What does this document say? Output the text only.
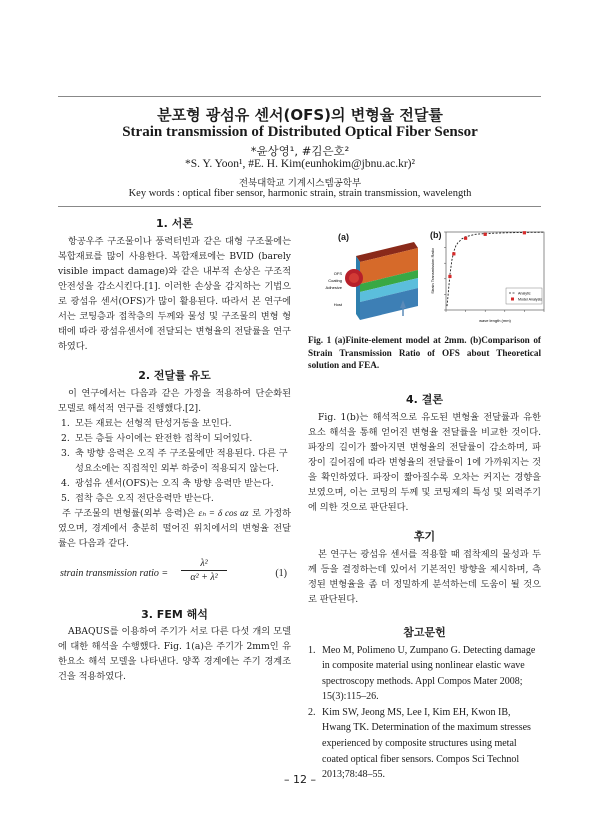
분포형 광섬유 센서(OFS)의 변형율 전달률
Strain transmission of Distributed Optical Fiber Sensor
*윤상영¹, #김은호²
*S. Y. Yoon¹, #E. H. Kim(eunhokim@jbnu.ac.kr)²
전북대학교 기계시스템공학부
Key words : optical fiber sensor, harmonic strain, strain transmission, wavelength
1. 서론

항공우주 구조물이나 풍력터빈과 같은 대형 구조물에는 복합재료를 많이 사용한다. 복합재료에는 BVID (barely visible impact damage)와 같은 내부적 손상은 구조적 안전성을 감소시킨다.[1]. 이러한 손상을 감지하는 기법으로 광섬유 센서(OFS)가 많이 활용된다. 따라서 본 연구에서는 코팅층과 접착층의 두께와 물성 및 구조물의 변형 형태에 따라 광섬유센서에 전달되는 변형율의 전달률을 연구하였다.

2. 전달률 유도

이 연구에서는 다음과 같은 가정을 적용하여 단순화된 모델로 해석적 연구를 진행했다.[2].

1. 모든 재료는 선형적 탄성거동을 보인다.
2. 모든 층들 사이에는 완전한 접착이 되어있다.
3. 축 방향 응력은 오직 주 구조물에만 적용된다. 다른 구성요소에는 직접적인 외부 하중이 적용되지 않는다.
4. 광섬유 센서(OFS)는 오직 축 방향 응력만 받는다.
5. 접착 층은 오직 전단응력만 받는다.

주 구조물의 변형률(외부 응력)은 εₕ = δ cos αz 로 가정하였으며, 경계에서 충분히 떨어진 위치에서의 변형율 전달률은 다음과 같다.

strain transmission ratio =
λ²
α² + λ²	(1)
3. FEM 해석

ABAQUS를 이용하여 주기가 서로 다른 다섯 개의 모델에 대한 해석을 수행했다. Fig. 1(a)은 주기가 2mm인 유한요소 해석 모델을 나타낸다. 양쪽 경계에는 주기 경계조건을 적용하였다.

(a)
OFS
Coating
Adhesive
Host
(b)
Strain Transmission Ratio
wave length (mm)
Analytic
Model Analysis
Fig. 1 (a)Finite-element model at 2mm. (b)Comparison of Strain Transmission Ratio of OFS about Theoretical solution and FEA.
4. 결론

Fig. 1(b)는 해석적으로 유도된 변형율 전달률과 유한요소 해석을 통해 얻어진 변형율 전달률을 비교한 것이다. 파장의 길이가 짧아지면 변형율의 전달률이 감소하며, 파장이 길어짐에 따라 변형율의 전달률이 1에 가까워지는 것을 확인하였다. 파장이 짧아질수록 오차는 커지는 경향을 보였으며, 이는 코팅의 두께 및 코팅제의 특성 및 외력주기에 의한 것으로 판단된다.

후기

본 연구는 광섬유 센서를 적용할 때 접착제의 물성과 두께 등을 결정하는데 있어서 기본적인 방향을 제시하며, 측정된 변형율을 좀 더 정밀하게 분석하는데 도움이 될 것으로 판단된다.

참고문헌
1. Meo M, Polimeno U, Zumpano G. Detecting damage in composite material using nonlinear elastic wave spectroscopy methods. Appl Compos Mater 2008; 15(3):115–26.
2. Kim SW, Jeong MS, Lee I, Kim EH, Kwon IB, Hwang TK. Determination of the maximum stresses experienced by composite structures using metal coated optical fiber sensors. Compos Sci Technol 2013;78:48–55.
– 12 –
